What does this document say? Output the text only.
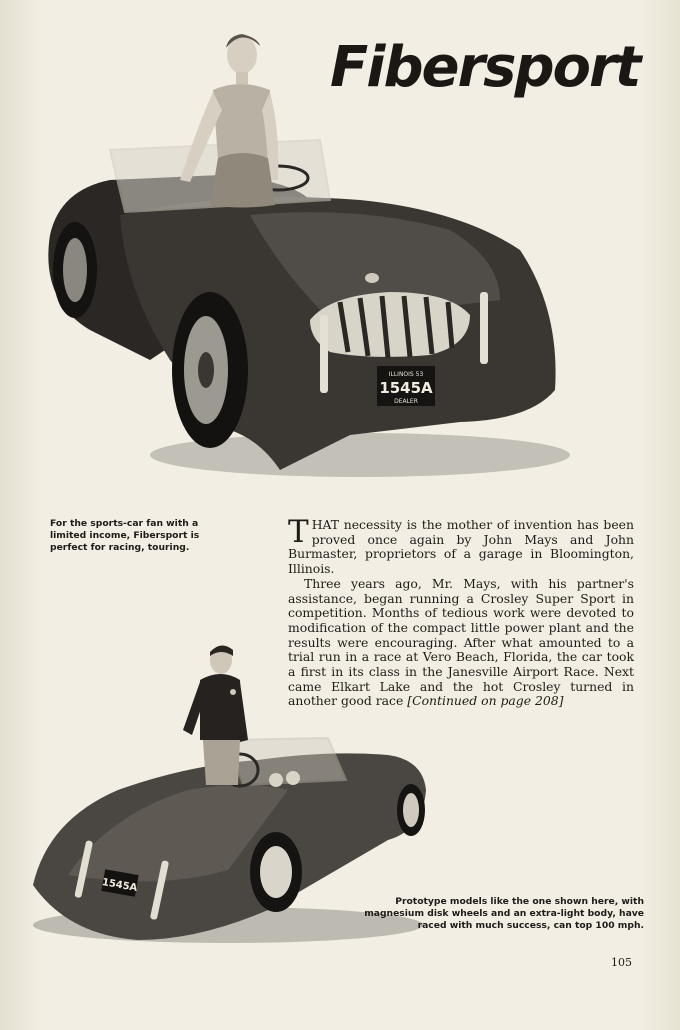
Fibersport
ILLINOIS 53
1545A
DEALER
For the sports-car fan with a limited income, Fibersport is perfect for racing, touring.	THAT necessity is the mother of invention has been proved once again by John Mays and John Burmaster, proprietors of a garage in Bloomington, Illinois.

Three years ago, Mr. Mays, with his partner's assistance, began running a Crosley Super Sport in competition. Months of tedious work were devoted to modification of the compact little power plant and the results were encouraging. After what amounted to a trial run in a race at Vero Beach, Florida, the car took a first in its class in the Janesville Airport Race. Next came Elkart Lake and the hot Crosley turned in another good race [Continued on page 208]

1545A
Prototype models like the one shown here, with magnesium disk wheels and an extra-light body, have raced with much success, can top 100 mph.
105
